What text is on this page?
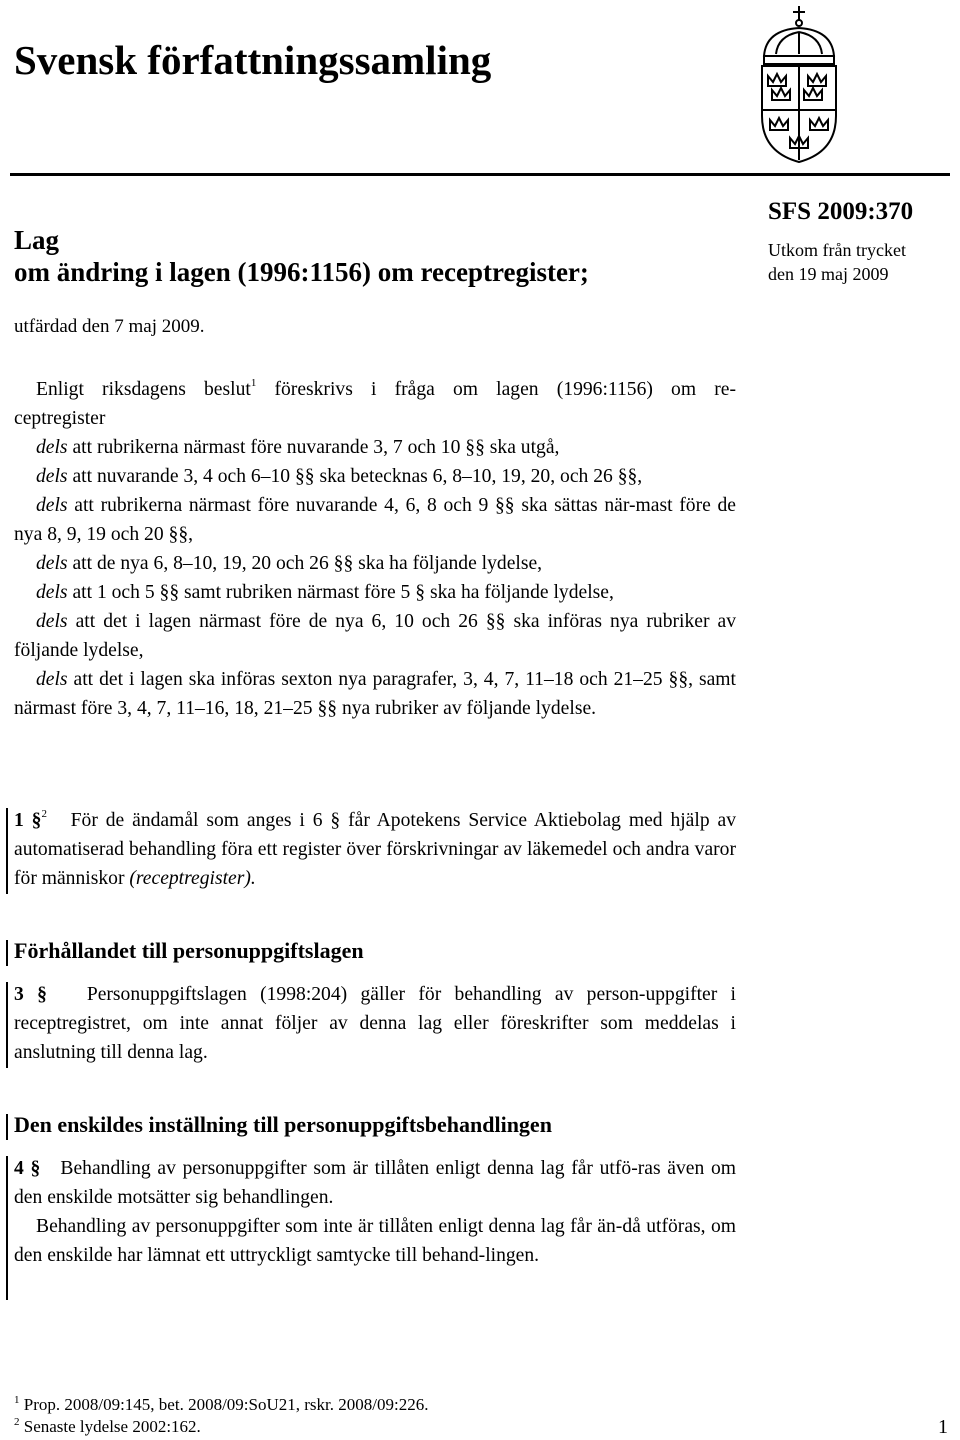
Svensk författningssamling
Lag
om ändring i lagen (1996:1156) om receptregister;
SFS 2009:370
Utkom från trycket
den 19 maj 2009
utfärdad den 7 maj 2009.
Enligt riksdagens beslut$^1$ föreskrivs i fråga om lagen (1996:1156) om re-
ceptregister
dels att rubrikerna närmast före nuvarande 3, 7 och 10 §§ ska utgå,
dels att nuvarande 3, 4 och 6–10 §§ ska betecknas 6, 8–10, 19, 20, och 26 §§,
dels att rubrikerna närmast före nuvarande 4, 6, 8 och 9 §§ ska sättas när-mast före de nya 8, 9, 19 och 20 §§,
dels att de nya 6, 8–10, 19, 20 och 26 §§ ska ha följande lydelse,
dels att 1 och 5 §§ samt rubriken närmast före 5 § ska ha följande lydelse,
dels att det i lagen närmast före de nya 6, 10 och 26 §§ ska införas nya rubriker av följande lydelse,
dels att det i lagen ska införas sexton nya paragrafer, 3, 4, 7, 11–18 och 21–25 §§, samt närmast före 3, 4, 7, 11–16, 18, 21–25 §§ nya rubriker av följande lydelse.
1 §$^2$ För de ändamål som anges i 6 § får Apotekens Service Aktiebolag med hjälp av automatiserad behandling föra ett register över förskrivningar av läkemedel och andra varor för människor (receptregister).
Förhållandet till personuppgiftslagen
3 § Personuppgiftslagen (1998:204) gäller för behandling av person-uppgifter i receptregistret, om inte annat följer av denna lag eller föreskrifter som meddelas i anslutning till denna lag.
Den enskildes inställning till personuppgiftsbehandlingen
4 § Behandling av personuppgifter som är tillåten enligt denna lag får utfö-ras även om den enskilde motsätter sig behandlingen.
Behandling av personuppgifter som inte är tillåten enligt denna lag får än-då utföras, om den enskilde har lämnat ett uttryckligt samtycke till behand-lingen.
$^1$ Prop. 2008/09:145, bet. 2008/09:SoU21, rskr. 2008/09:226.
$^2$ Senaste lydelse 2002:162.	1
